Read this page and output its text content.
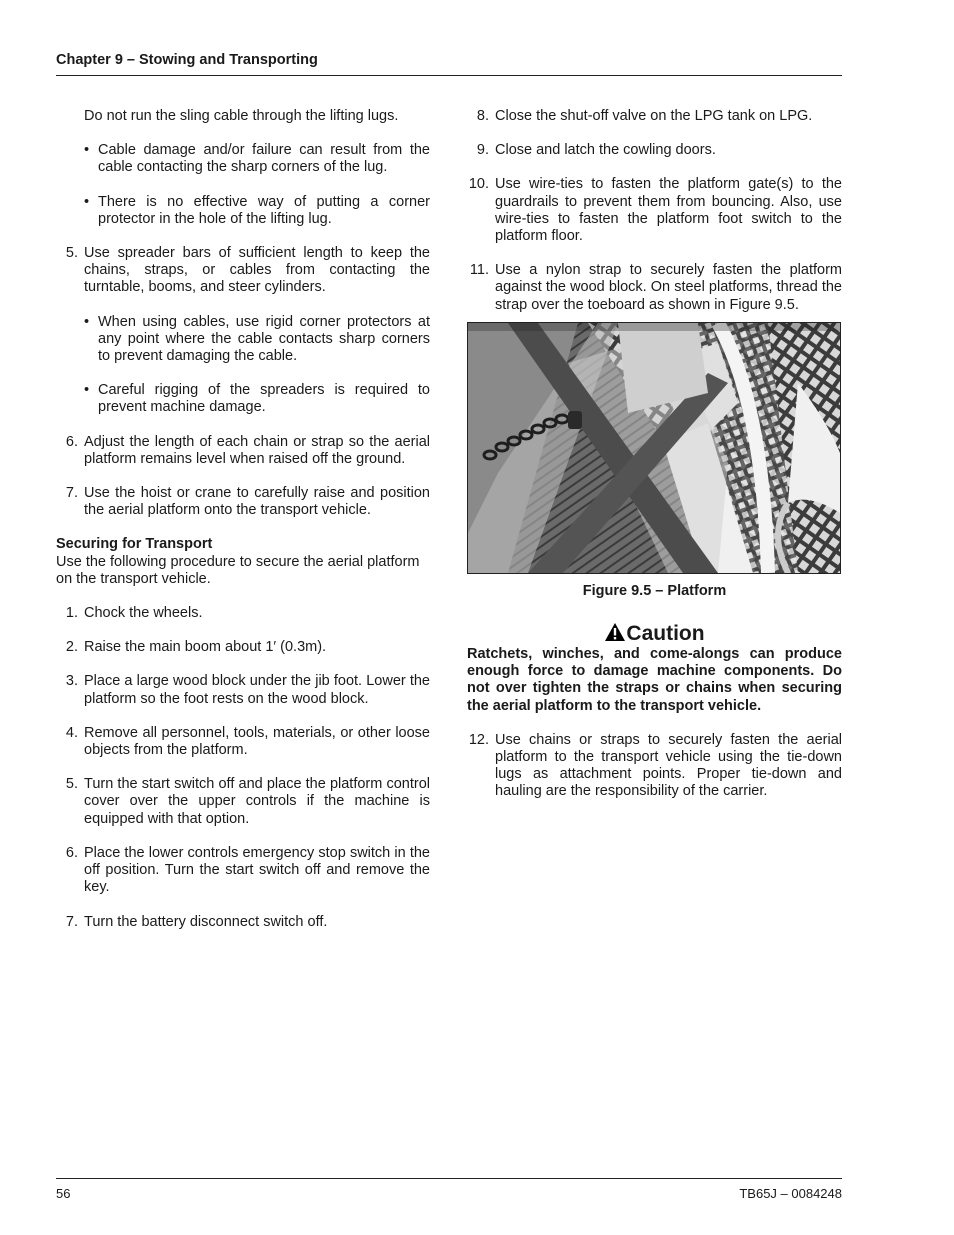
Chapter 9 – Stowing and Transporting

Do not run the sling cable through the lifting lugs.

• Cable damage and/or failure can result from the cable contacting the sharp corners of the lug.
• There is no effective way of putting a corner protector in the hole of the lifting lug.
5. Use spreader bars of sufficient length to keep the chains, straps, or cables from contacting the turntable, booms, and steer cylinders.
• When using cables, use rigid corner protectors at any point where the cable contacts sharp corners to prevent damaging the cable.
• Careful rigging of the spreaders is required to prevent machine damage.
6. Adjust the length of each chain or strap so the aerial platform remains level when raised off the ground.
7. Use the hoist or crane to carefully raise and position the aerial platform onto the transport vehicle.

Securing for Transport

Use the following procedure to secure the aerial platform on the transport vehicle.

1. Chock the wheels.
2. Raise the main boom about 1′ (0.3m).
3. Place a large wood block under the jib foot. Lower the platform so the foot rests on the wood block.
4. Remove all personnel, tools, materials, or other loose objects from the platform.
5. Turn the start switch off and place the platform control cover over the upper controls if the machine is equipped with that option.
6. Place the lower controls emergency stop switch in the off position. Turn the start switch off and remove the key.
7. Turn the battery disconnect switch off.
8. Close the shut-off valve on the LPG tank on LPG.
9. Close and latch the cowling doors.
10. Use wire-ties to fasten the platform gate(s) to the guardrails to prevent them from bouncing. Also, use wire-ties to fasten the platform foot switch to the platform floor.
11. Use a nylon strap to securely fasten the platform against the wood block. On steel platforms, thread the strap over the toeboard as shown in Figure 9.5.

Figure 9.5 – Platform

Caution

Ratchets, winches, and come-alongs can produce enough force to damage machine components. Do not over tighten the straps or chains when securing the aerial platform to the transport vehicle.

12. Use chains or straps to securely fasten the aerial platform to the transport vehicle using the tie-down lugs as attachment points. Proper tie-down and hauling are the responsibility of the carrier.
56	TB65J – 0084248
